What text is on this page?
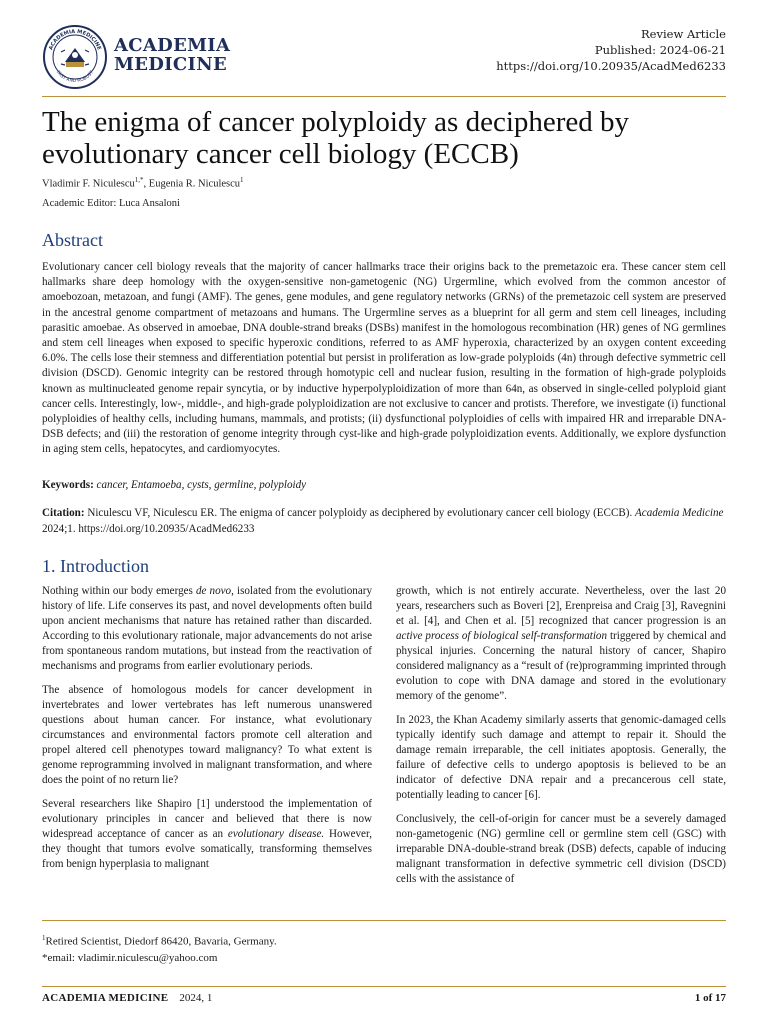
ACADEMIA MEDICINE
FAST AND ROBUST
ACADEMIA
MEDICINE
Review Article
Published: 2024-06-21
https://doi.org/10.20935/AcadMed6233
The enigma of cancer polyploidy as deciphered by evolutionary cancer cell biology (ECCB)
Vladimir F. Niculescu$^{1,*}$, Eugenia R. Niculescu$^1$
Academic Editor: Luca Ansaloni
Abstract

Evolutionary cancer cell biology reveals that the majority of cancer hallmarks trace their origins back to the premetazoic era. These cancer stem cell hallmarks share deep homology with the oxygen-sensitive non-gametogenic (NG) Urgermline, which evolved from the common ancestor of amoebozoan, metazoan, and fungi (AMF). The genes, gene modules, and gene regulatory networks (GRNs) of the premetazoic cell system are preserved in the ancestral genome compartment of metazoans and humans. The Urgermline serves as a blueprint for all germ and stem cell lineages, including parasitic amoebae. As observed in amoebae, DNA double-strand breaks (DSBs) manifest in the homologous recombination (HR) genes of NG germlines and stem cell lineages when exposed to specific hyperoxic conditions, referred to as AMF hyperoxia, characterized by an oxygen content exceeding 6.0%. The cells lose their stemness and differentiation potential but persist in proliferation as low-grade polyploids (4n) through defective symmetric cell division (DSCD). Genomic integrity can be restored through homotypic cell and nuclear fusion, resulting in the formation of high-grade polyploids known as multinucleated genome repair syncytia, or by inductive hyperpolyploidization of more than 64n, as observed in single-celled polyploid giant cancer cells. Interestingly, low-, middle-, and high-grade polyploidization are not exclusive to cancer and protists. Therefore, we investigate (i) functional polyploidies of healthy cells, including humans, mammals, and protists; (ii) dysfunctional polyploidies of cells with impaired HR and irreparable DNA-DSB defects; and (iii) the restoration of genome integrity through cyst-like and high-grade polyploidization events. Additionally, we explore dysfunction in aging stem cells, hepatocytes, and cardiomyocytes.

Keywords: cancer, Entamoeba, cysts, germline, polyploidy
Citation: Niculescu VF, Niculescu ER. The enigma of cancer polyploidy as deciphered by evolutionary cancer cell biology (ECCB). Academia Medicine 2024;1. https://doi.org/10.20935/AcadMed6233
1. Introduction

Nothing within our body emerges de novo, isolated from the evolutionary history of life. Life conserves its past, and novel developments often build upon ancient mechanisms that nature has retained rather than discarded. According to this evolutionary rationale, major advancements do not arise from spontaneous random mutations, but instead from the reactivation of mechanisms and programs from earlier evolutionary periods.

The absence of homologous models for cancer development in invertebrates and lower vertebrates has left numerous unanswered questions about human cancer. For instance, what evolutionary circumstances and environmental factors promote cell alteration and propel altered cell phenotypes toward malignancy? To what extent is genome reprogramming involved in malignant transformation, and where does the point of no return lie?

Several researchers like Shapiro [1] understood the implementation of evolutionary principles in cancer and believed that there is now widespread acceptance of cancer as an evolutionary disease. However, they thought that tumors evolve somatically, transforming themselves from benign hyperplasia to malignant

growth, which is not entirely accurate. Nevertheless, over the last 20 years, researchers such as Boveri [2], Erenpreisa and Craig [3], Ravegnini et al. [4], and Chen et al. [5] recognized that cancer progression is an active process of biological self-transformation triggered by chemical and physical injuries. Concerning the natural history of cancer, Shapiro considered malignancy as a “result of (re)programming imprinted through evolution to cope with DNA damage and stored in the evolutionary memory of the genome”.

In 2023, the Khan Academy similarly asserts that genomic-damaged cells typically identify such damage and attempt to repair it. Should the damage remain irreparable, the cell initiates apoptosis. Generally, the failure of defective cells to undergo apoptosis is believed to be an indicator of defective DNA repair and a precancerous cell state, potentially leading to cancer [6].

Conclusively, the cell-of-origin for cancer must be a severely damaged non-gametogenic (NG) germline cell or germline stem cell (GSC) with irreparable DNA-double-strand break (DSB) defects, capable of inducing malignant transformation in defective symmetric cell division (DSCD) cells with the assistance of

$^1$Retired Scientist, Diedorf 86420, Bavaria, Germany.
*email: vladimir.niculescu@yahoo.com
ACADEMIA MEDICINE 2024, 1	1 of 17
